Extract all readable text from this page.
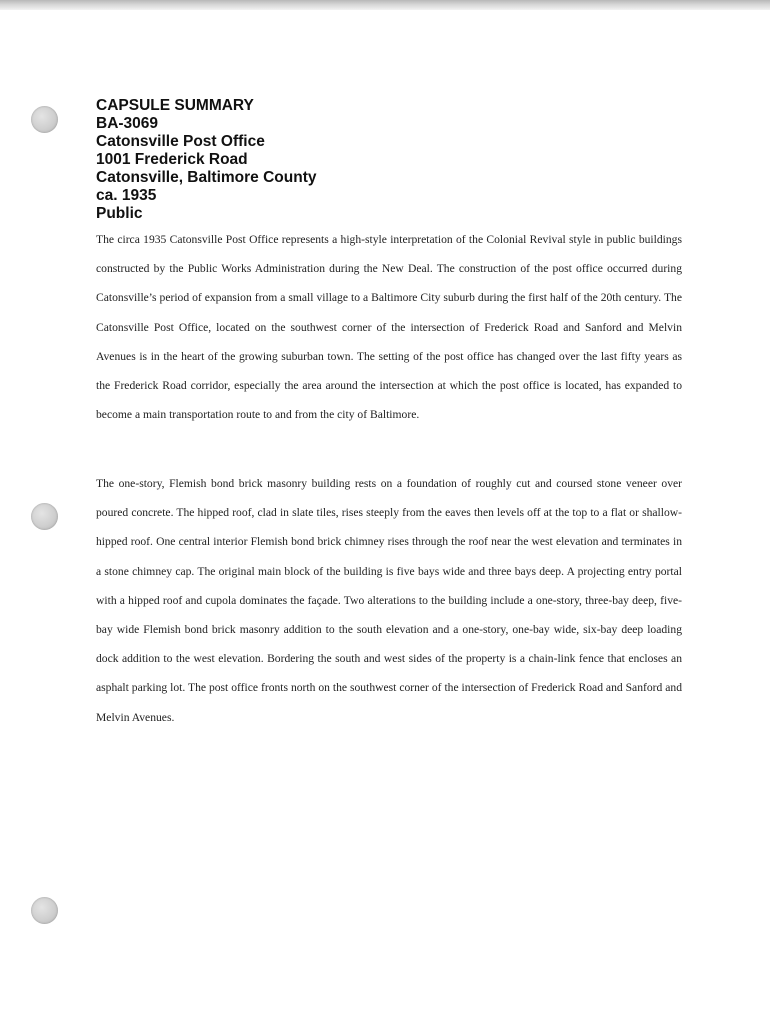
CAPSULE SUMMARY
BA-3069
Catonsville Post Office
1001 Frederick Road
Catonsville, Baltimore County
ca. 1935
Public

The circa 1935 Catonsville Post Office represents a high-style interpretation of the Colonial Revival style in public buildings constructed by the Public Works Administration during the New Deal. The construction of the post office occurred during Catonsville’s period of expansion from a small village to a Baltimore City suburb during the first half of the 20th century. The Catonsville Post Office, located on the southwest corner of the intersection of Frederick Road and Sanford and Melvin Avenues is in the heart of the growing suburban town. The setting of the post office has changed over the last fifty years as the Frederick Road corridor, especially the area around the intersection at which the post office is located, has expanded to become a main transportation route to and from the city of Baltimore.

The one-story, Flemish bond brick masonry building rests on a foundation of roughly cut and coursed stone veneer over poured concrete. The hipped roof, clad in slate tiles, rises steeply from the eaves then levels off at the top to a flat or shallow-hipped roof. One central interior Flemish bond brick chimney rises through the roof near the west elevation and terminates in a stone chimney cap. The original main block of the building is five bays wide and three bays deep. A projecting entry portal with a hipped roof and cupola dominates the façade. Two alterations to the building include a one-story, three-bay deep, five-bay wide Flemish bond brick masonry addition to the south elevation and a one-story, one-bay wide, six-bay deep loading dock addition to the west elevation. Bordering the south and west sides of the property is a chain-link fence that encloses an asphalt parking lot. The post office fronts north on the southwest corner of the intersection of Frederick Road and Sanford and Melvin Avenues.
